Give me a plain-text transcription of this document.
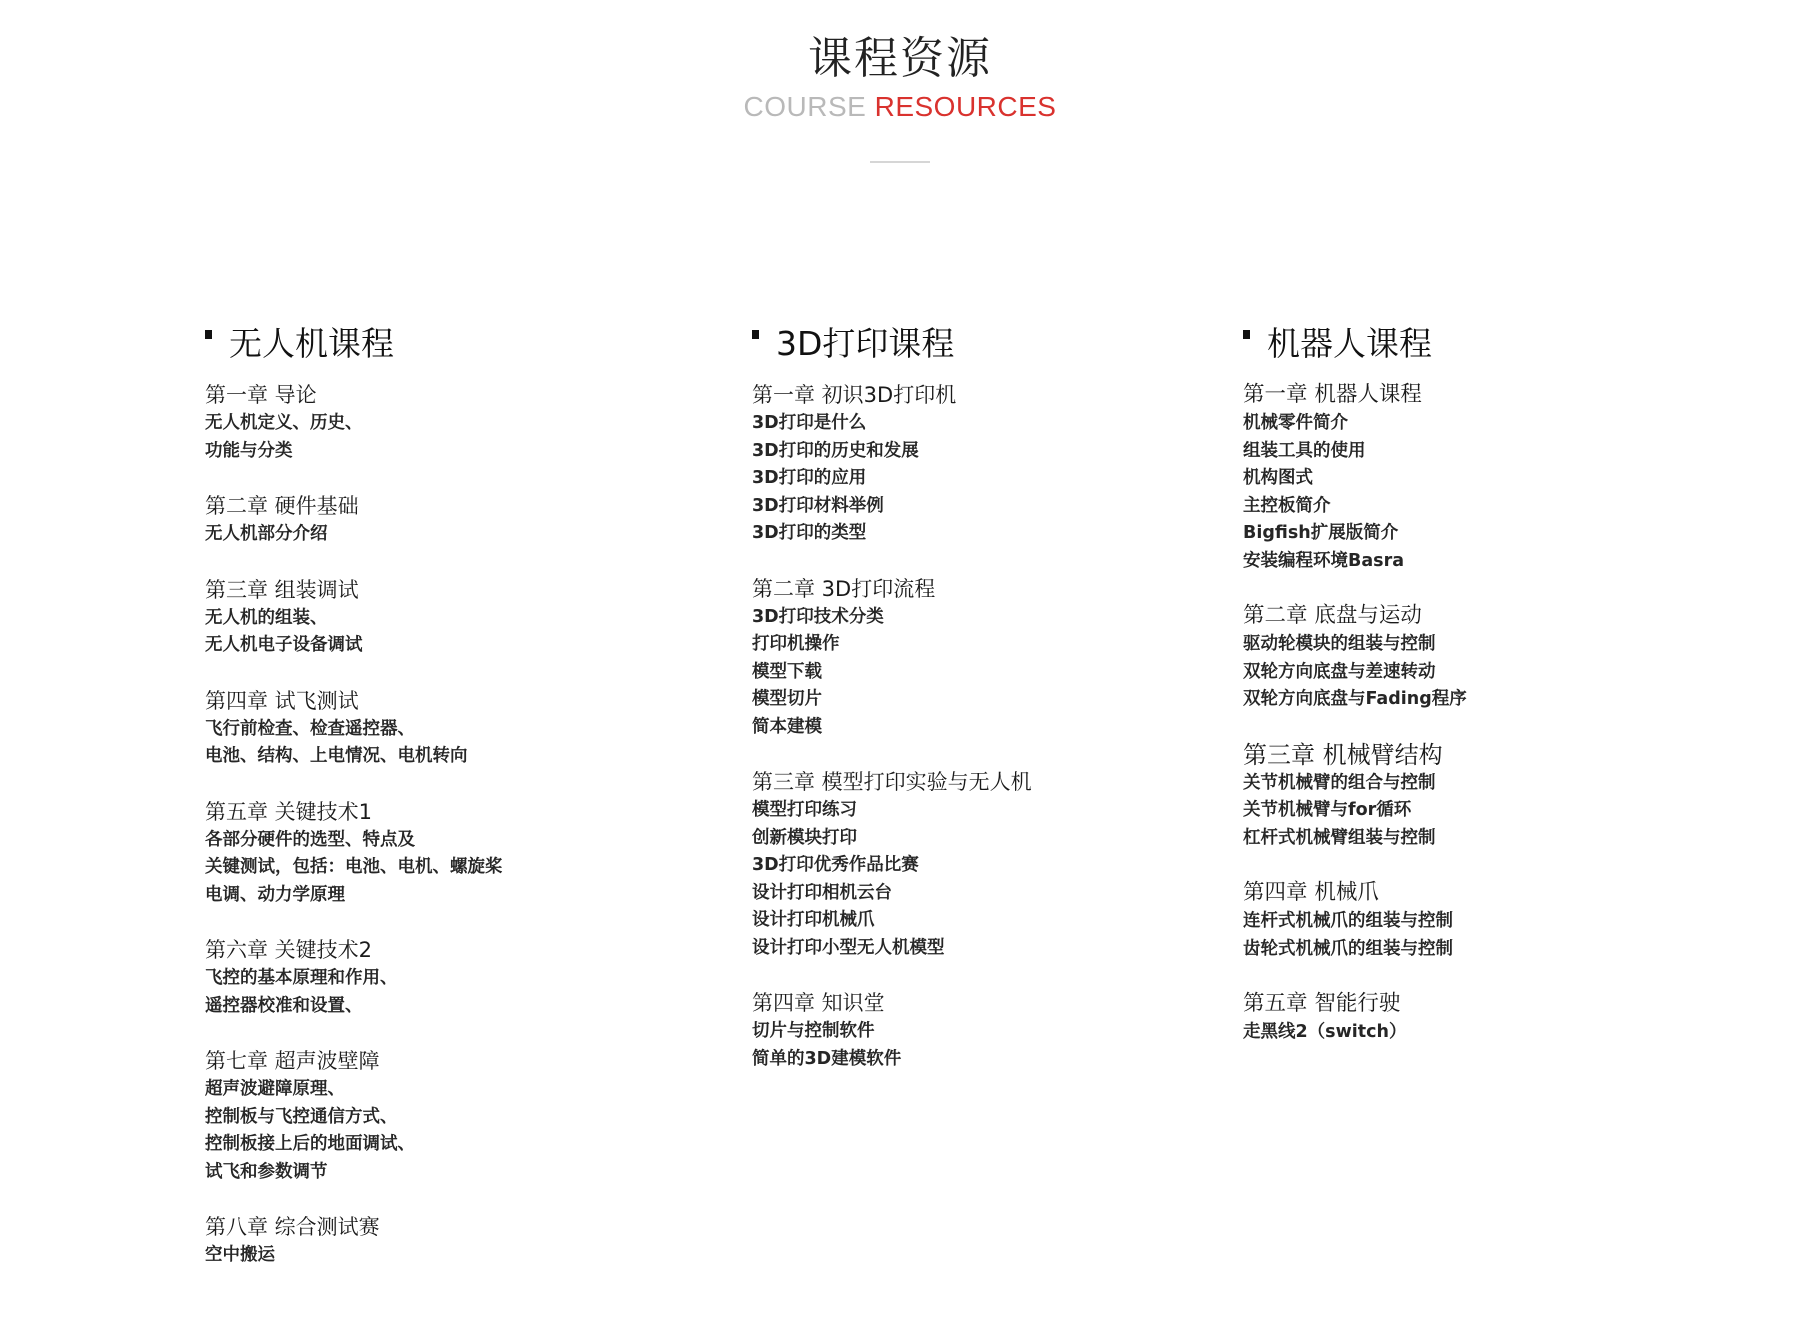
课程资源
COURSE RESOURCES
无人机课程
第一章 导论
无人机定义、历史、
功能与分类
第二章 硬件基础
无人机部分介绍
第三章 组装调试
无人机的组装、
无人机电子设备调试
第四章 试飞测试
飞行前检查、检查遥控器、
电池、结构、上电情况、电机转向
第五章 关键技术1
各部分硬件的选型、特点及
关键测试，包括：电池、电机、螺旋桨
电调、动力学原理
第六章 关键技术2
飞控的基本原理和作用、
遥控器校准和设置、
第七章 超声波壁障
超声波避障原理、
控制板与飞控通信方式、
控制板接上后的地面调试、
试飞和参数调节
第八章 综合测试赛
空中搬运
3D打印课程
第一章 初识3D打印机
3D打印是什么
3D打印的历史和发展
3D打印的应用
3D打印材料举例
3D打印的类型
第二章 3D打印流程
3D打印技术分类
打印机操作
模型下载
模型切片
简本建模
第三章 模型打印实验与无人机
模型打印练习
创新模块打印
3D打印优秀作品比赛
设计打印相机云台
设计打印机械爪
设计打印小型无人机模型
第四章 知识堂
切片与控制软件
简单的3D建模软件
机器人课程
第一章 机器人课程
机械零件简介
组装工具的使用
机构图式
主控板简介
Bigfish扩展版简介
安装编程环境Basra
第二章 底盘与运动
驱动轮模块的组装与控制
双轮方向底盘与差速转动
双轮方向底盘与Fading程序
第三章 机械臂结构
关节机械臂的组合与控制
关节机械臂与for循环
杠杆式机械臂组装与控制
第四章 机械爪
连杆式机械爪的组装与控制
齿轮式机械爪的组装与控制
第五章 智能行驶
走黑线2（switch）
